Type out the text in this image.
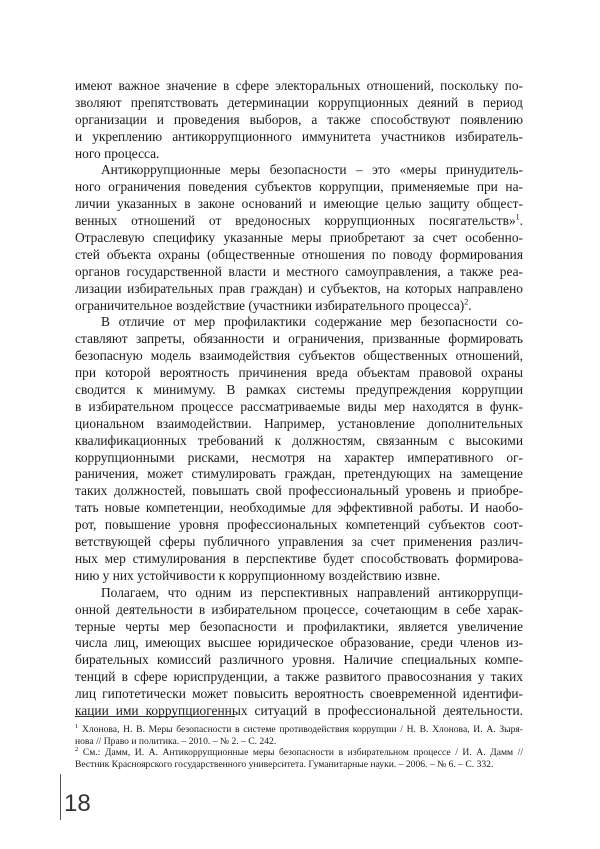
имеют важное значение в сфере электоральных отношений, поскольку по-
зволяют препятствовать детерминации коррупционных деяний в период
организации и проведения выборов, а также способствуют появлению
и укреплению антикоррупционного иммунитета участников избиратель-
ного процесса.
Антикоррупционные меры безопасности – это «меры принудитель-
ного ограничения поведения субъектов коррупции, применяемые при на-
личии указанных в законе оснований и имеющие целью защиту общест-
венных отношений от вредоносных коррупционных посягательств»$^1$.
Отраслевую специфику указанные меры приобретают за счет особенно-
стей объекта охраны (общественные отношения по поводу формирования
органов государственной власти и местного самоуправления, а также реа-
лизации избирательных прав граждан) и субъектов, на которых направлено
ограничительное воздействие (участники избирательного процесса)$^2$.
В отличие от мер профилактики содержание мер безопасности со-
ставляют запреты, обязанности и ограничения, призванные формировать
безопасную модель взаимодействия субъектов общественных отношений,
при которой вероятность причинения вреда объектам правовой охраны
сводится к минимуму. В рамках системы предупреждения коррупции
в избирательном процессе рассматриваемые виды мер находятся в функ-
циональном взаимодействии. Например, установление дополнительных
квалификационных требований к должностям, связанным с высокими
коррупционными рисками, несмотря на характер императивного ог-
раничения, может стимулировать граждан, претендующих на замещение
таких должностей, повышать свой профессиональный уровень и приобре-
тать новые компетенции, необходимые для эффективной работы. И наобо-
рот, повышение уровня профессиональных компетенций субъектов соот-
ветствующей сферы публичного управления за счет применения различ-
ных мер стимулирования в перспективе будет способствовать формирова-
нию у них устойчивости к коррупционному воздействию извне.
Полагаем, что одним из перспективных направлений антикоррупци-
онной деятельности в избирательном процессе, сочетающим в себе харак-
терные черты мер безопасности и профилактики, является увеличение
числа лиц, имеющих высшее юридическое образование, среди членов из-
бирательных комиссий различного уровня. Наличие специальных компе-
тенций в сфере юриспруденции, а также развитого правосознания у таких
лиц гипотетически может повысить вероятность своевременной идентифи-
кации ими коррупциогенных ситуаций в профессиональной деятельности.
$^1$ Хлонова, Н. В. Меры безопасности в системе противодействия коррупции / Н. В. Хлонова, И. А. Зыря-
нова // Право и политика. – 2010. – № 2. – С. 242.
$^2$ См.: Дамм, И. А. Антикоррупционные меры безопасности в избирательном процессе / И. А. Дамм //
Вестник Красноярского государственного университета. Гуманитарные науки. – 2006. – № 6. – С. 332.
18
